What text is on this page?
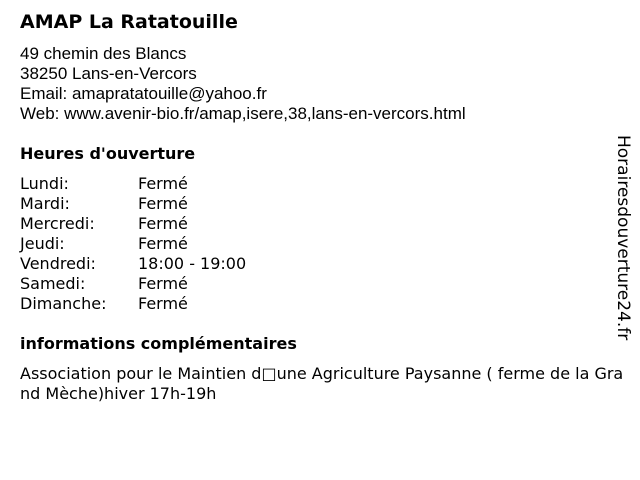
AMAP La Ratatouille
49 chemin des Blancs
38250 Lans-en-Vercors
Email: amapratatouille@yahoo.fr
Web: www.avenir-bio.fr/amap,isere,38,lans-en-vercors.html
Heures d'ouverture
Lundi:	Fermé
Mardi:	Fermé
Mercredi:	Fermé
Jeudi:	Fermé
Vendredi:	18:00 - 19:00
Samedi:	Fermé
Dimanche: Fermé
informations complémentaires
Association pour le Maintien d□une Agriculture Paysanne ( ferme de la Grand Mèche)hiver 17h-19h
Horairesdouverture24.fr
